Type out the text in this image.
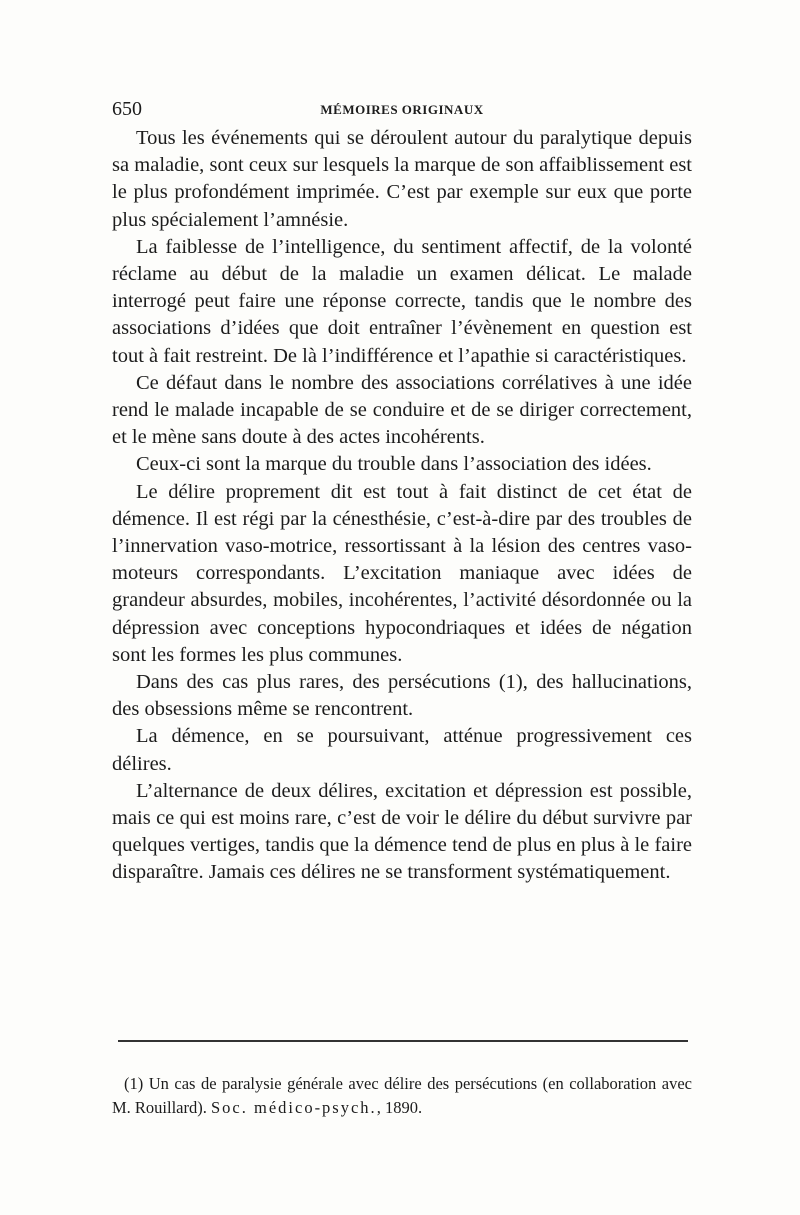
650	MÉMOIRES ORIGINAUX

Tous les événements qui se déroulent autour du paralytique depuis sa maladie, sont ceux sur lesquels la marque de son affaiblissement est le plus profondément imprimée. C’est par exemple sur eux que porte plus spécialement l’amnésie.

La faiblesse de l’intelligence, du sentiment affectif, de la volonté réclame au début de la maladie un examen délicat. Le malade interrogé peut faire une réponse correcte, tandis que le nombre des associations d’idées que doit entraîner l’évènement en question est tout à fait restreint. De là l’indifférence et l’apathie si caractéristiques.

Ce défaut dans le nombre des associations corrélatives à une idée rend le malade incapable de se conduire et de se diriger correctement, et le mène sans doute à des actes incohérents.

Ceux-ci sont la marque du trouble dans l’association des idées.

Le délire proprement dit est tout à fait distinct de cet état de démence. Il est régi par la cénesthésie, c’est-à-dire par des troubles de l’innervation vaso-motrice, ressortissant à la lésion des centres vaso-moteurs correspondants. L’excitation maniaque avec idées de grandeur absurdes, mobiles, incohérentes, l’activité désordonnée ou la dépression avec conceptions hypocondriaques et idées de négation sont les formes les plus communes.

Dans des cas plus rares, des persécutions (1), des hallucinations, des obsessions même se rencontrent.

La démence, en se poursuivant, atténue progressivement ces délires.

L’alternance de deux délires, excitation et dépression est possible, mais ce qui est moins rare, c’est de voir le délire du début survivre par quelques vertiges, tandis que la démence tend de plus en plus à le faire disparaître. Jamais ces délires ne se transforment systématiquement.

(1) Un cas de paralysie générale avec délire des persécutions (en collaboration avec M. Rouillard). Soc. médico-psych., 1890.
